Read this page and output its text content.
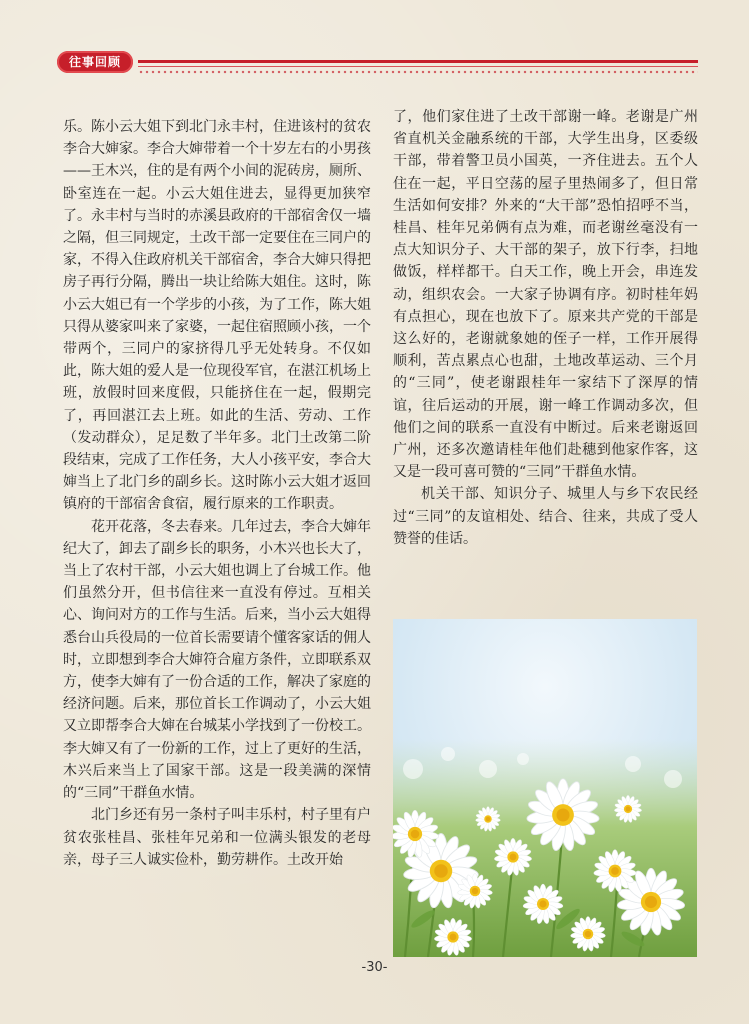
往事回顾
乐。陈小云大姐下到北门永丰村，住进该村的贫农李合大婶家。李合大婶带着一个十岁左右的小男孩——王木兴，住的是有两个小间的泥砖房，厕所、卧室连在一起。小云大姐住进去，显得更加狭窄了。永丰村与当时的赤溪县政府的干部宿舍仅一墙之隔，但三同规定，土改干部一定要住在三同户的家，不得入住政府机关干部宿舍，李合大婶只得把房子再行分隔，腾出一块让给陈大姐住。这时，陈小云大姐已有一个学步的小孩，为了工作，陈大姐只得从婆家叫来了家婆，一起住宿照顾小孩，一个带两个，三同户的家挤得几乎无处转身。不仅如此，陈大姐的爱人是一位现役军官，在湛江机场上班，放假时回来度假，只能挤住在一起，假期完了，再回湛江去上班。如此的生活、劳动、工作（发动群众），足足数了半年多。北门土改第二阶段结束，完成了工作任务，大人小孩平安，李合大婶当上了北门乡的副乡长。这时陈小云大姐才返回镇府的干部宿舍食宿，履行原来的工作职责。
花开花落，冬去春来。几年过去，李合大婶年纪大了，卸去了副乡长的职务，小木兴也长大了，当上了农村干部，小云大姐也调上了台城工作。他们虽然分开，但书信往来一直没有停过。互相关心、询问对方的工作与生活。后来，当小云大姐得悉台山兵役局的一位首长需要请个懂客家话的佣人时，立即想到李合大婶符合雇方条件，立即联系双方，使李大婶有了一份合适的工作，解决了家庭的经济问题。后来，那位首长工作调动了，小云大姐又立即帮李合大婶在台城某小学找到了一份校工。李大婶又有了一份新的工作，过上了更好的生活，木兴后来当上了国家干部。这是一段美满的深情的“三同”干群鱼水情。
北门乡还有另一条村子叫丰乐村，村子里有户贫农张桂昌、张桂年兄弟和一位满头银发的老母亲，母子三人诚实俭朴，勤劳耕作。土改开始
了，他们家住进了土改干部谢一峰。老谢是广州省直机关金融系统的干部，大学生出身，区委级干部，带着警卫员小国英，一齐住进去。五个人住在一起，平日空荡的屋子里热闹多了，但日常生活如何安排？外来的“大干部”恐怕招呼不当，桂昌、桂年兄弟俩有点为难，而老谢丝毫没有一点大知识分子、大干部的架子，放下行李，扫地做饭，样样都干。白天工作，晚上开会，串连发动，组织农会。一大家子协调有序。初时桂年妈有点担心，现在也放下了。原来共产党的干部是这么好的，老谢就象她的侄子一样，工作开展得顺利，苦点累点心也甜，土地改革运动、三个月的“三同”，使老谢跟桂年一家结下了深厚的情谊，往后运动的开展，谢一峰工作调动多次，但他们之间的联系一直没有中断过。后来老谢返回广州，还多次邀请桂年他们赴穗到他家作客，这又是一段可喜可赞的“三同”干群鱼水情。
机关干部、知识分子、城里人与乡下农民经过“三同”的友谊相处、结合、往来，共成了受人赞誉的佳话。
-30-
